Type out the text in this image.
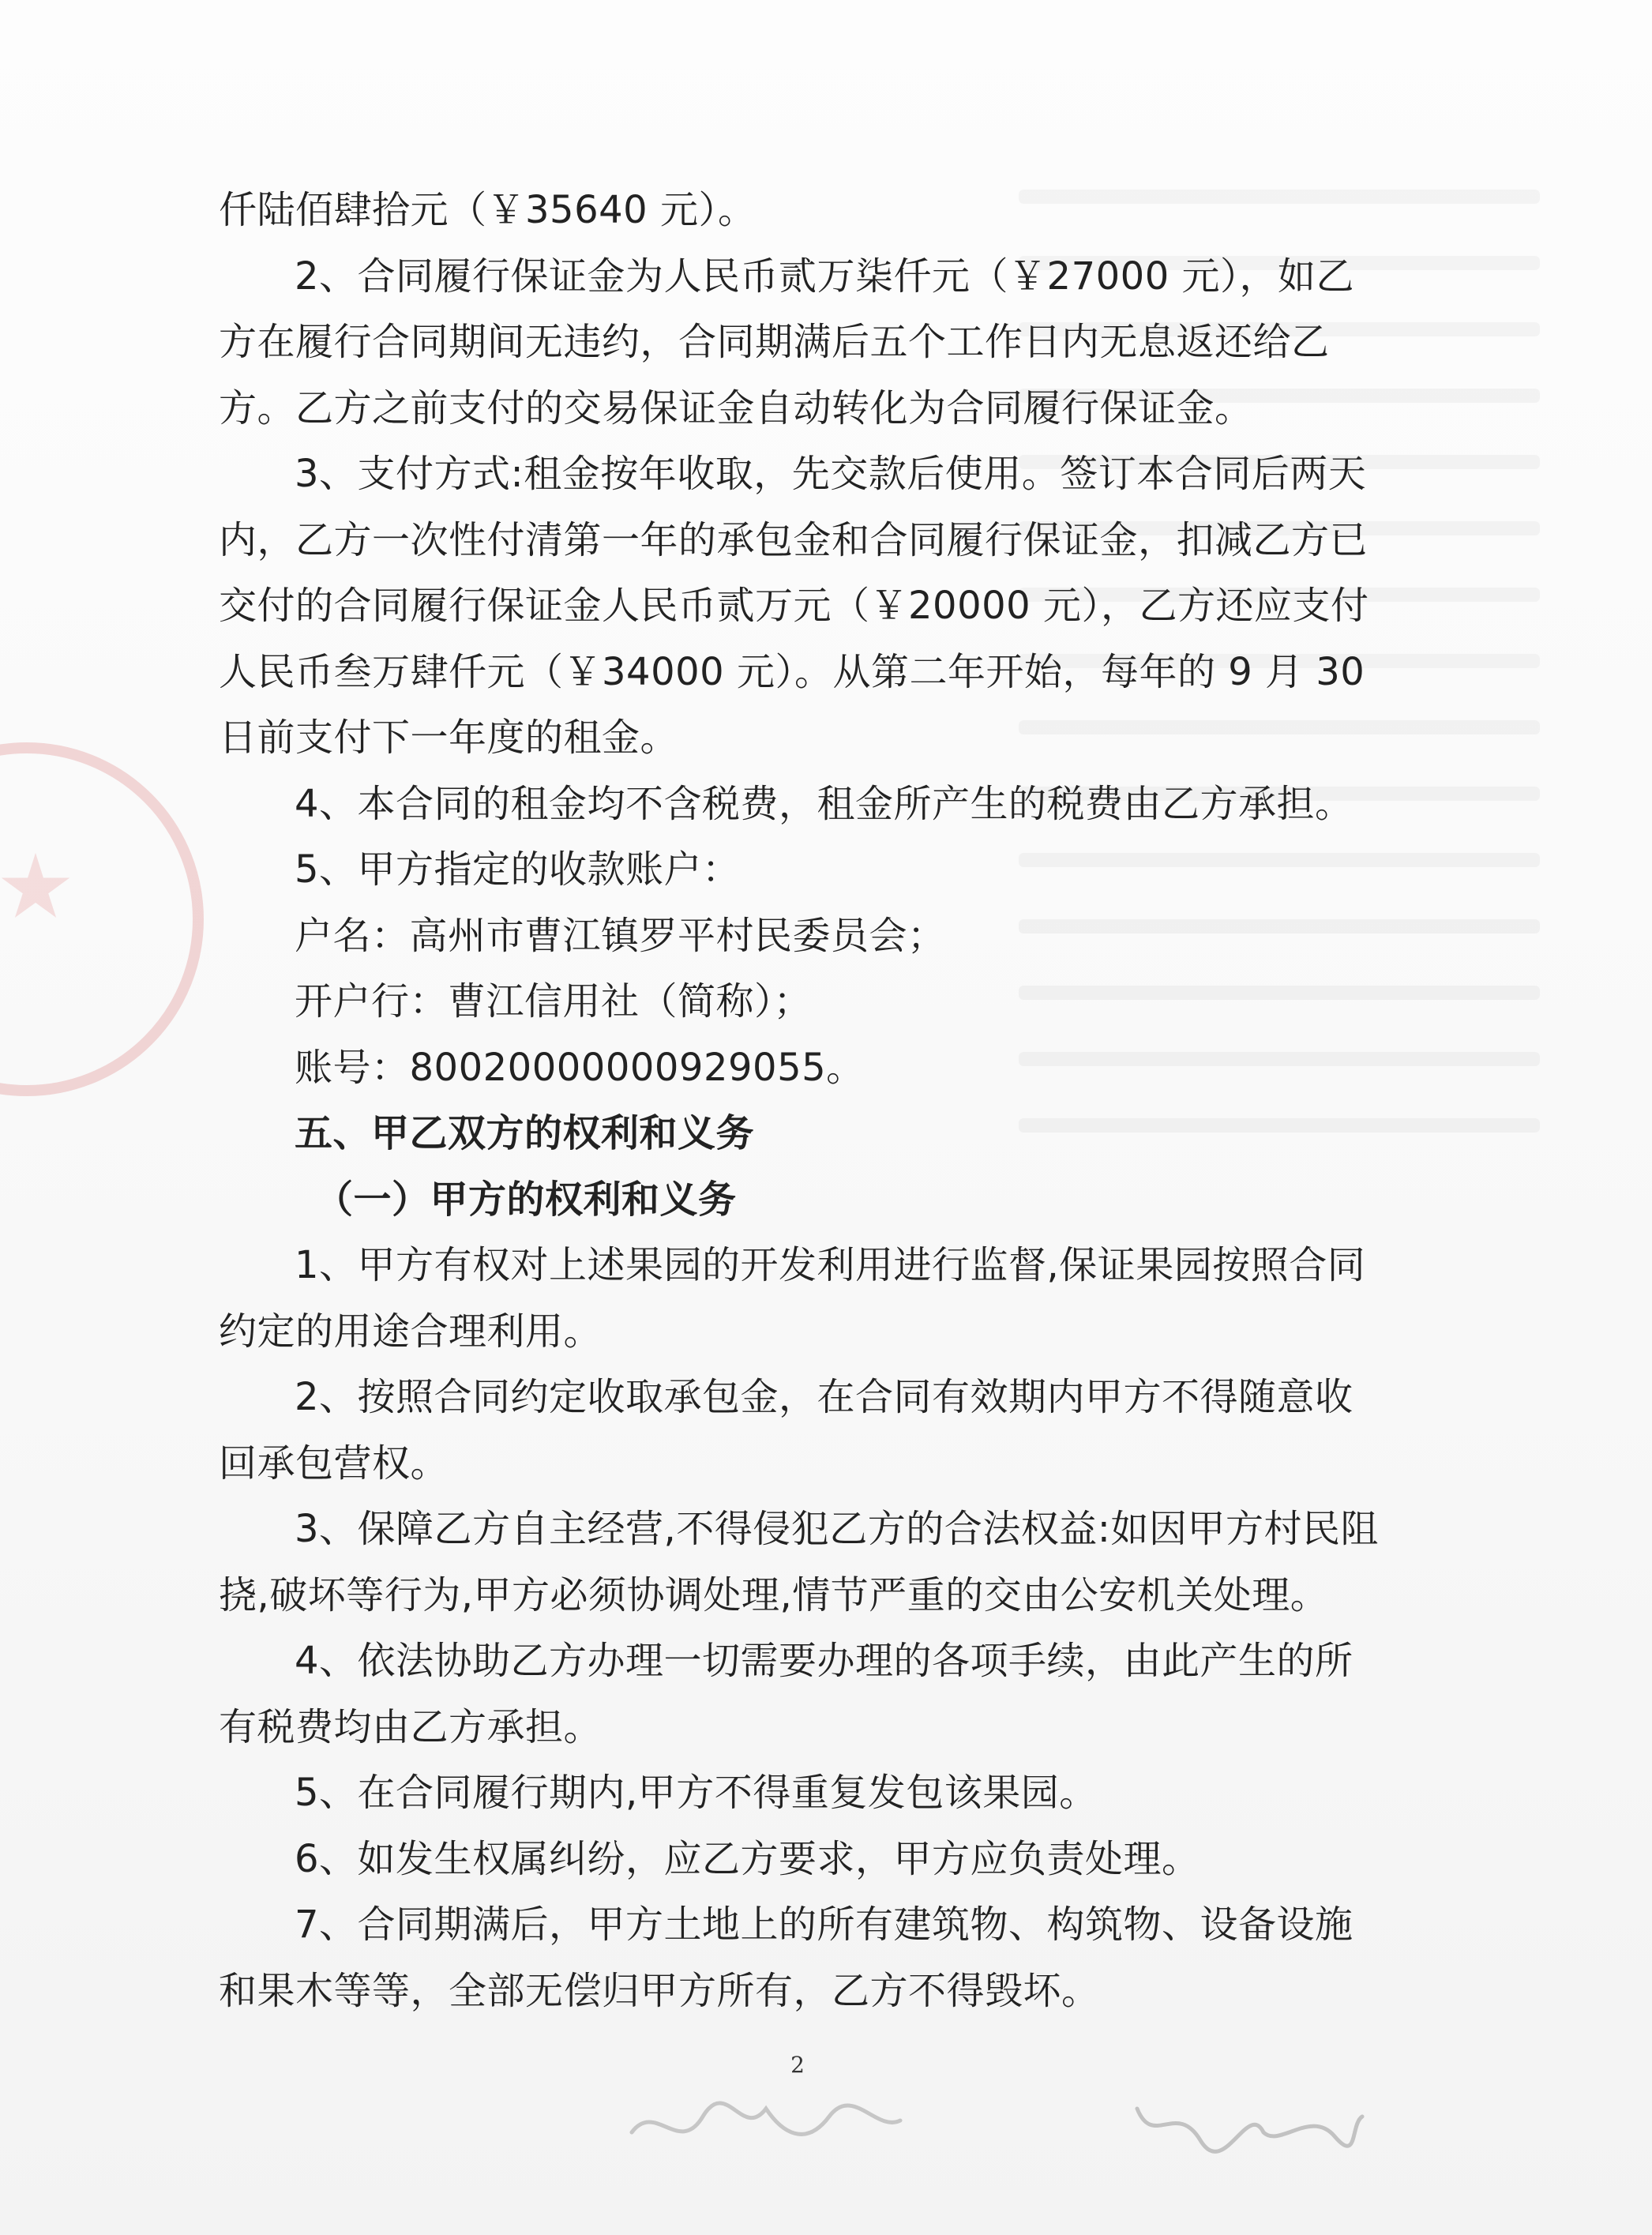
仟陆佰肆拾元（￥35640 元）。
2、合同履行保证金为人民币贰万柒仟元（￥27000 元），如乙
方在履行合同期间无违约，合同期满后五个工作日内无息返还给乙
方。乙方之前支付的交易保证金自动转化为合同履行保证金。
3、支付方式:租金按年收取，先交款后使用。签订本合同后两天
内，乙方一次性付清第一年的承包金和合同履行保证金，扣减乙方已
交付的合同履行保证金人民币贰万元（￥20000 元），乙方还应支付
人民币叁万肆仟元（￥34000 元）。从第二年开始，每年的 9 月 30
日前支付下一年度的租金。
4、本合同的租金均不含税费，租金所产生的税费由乙方承担。
5、甲方指定的收款账户：
户名：高州市曹江镇罗平村民委员会；
开户行：曹江信用社（简称）；
账号：80020000000929055。
五、甲乙双方的权利和义务
（一）甲方的权利和义务
1、甲方有权对上述果园的开发利用进行监督,保证果园按照合同
约定的用途合理利用。
2、按照合同约定收取承包金，在合同有效期内甲方不得随意收
回承包营权。
3、保障乙方自主经营,不得侵犯乙方的合法权益:如因甲方村民阻
挠,破坏等行为,甲方必须协调处理,情节严重的交由公安机关处理。
4、依法协助乙方办理一切需要办理的各项手续，由此产生的所
有税费均由乙方承担。
5、在合同履行期内,甲方不得重复发包该果园。
6、如发生权属纠纷，应乙方要求，甲方应负责处理。
7、合同期满后，甲方土地上的所有建筑物、构筑物、设备设施
和果木等等，全部无偿归甲方所有，乙方不得毁坏。
2
